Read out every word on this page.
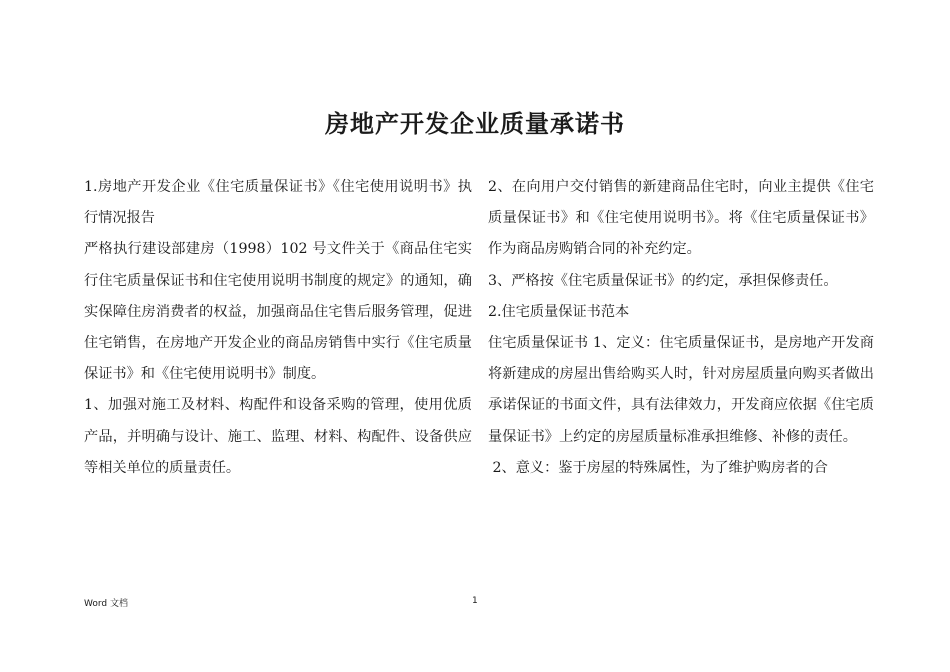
房地产开发企业质量承诺书

1.房地产开发企业《住宅质量保证书》《住宅使用说明书》执行情况报告

严格执行建设部建房（1998）102 号文件关于《商品住宅实行住宅质量保证书和住宅使用说明书制度的规定》的通知，确实保障住房消费者的权益，加强商品住宅售后服务管理，促进住宅销售，在房地产开发企业的商品房销售中实行《住宅质量保证书》和《住宅使用说明书》制度。

1、加强对施工及材料、构配件和设备采购的管理，使用优质产品，并明确与设计、施工、监理、材料、构配件、设备供应等相关单位的质量责任。

2、在向用户交付销售的新建商品住宅时，向业主提供《住宅质量保证书》和《住宅使用说明书》。将《住宅质量保证书》作为商品房购销合同的补充约定。

3、严格按《住宅质量保证书》的约定，承担保修责任。

2.住宅质量保证书范本

住宅质量保证书 1、定义：住宅质量保证书，是房地产开发商将新建成的房屋出售给购买人时，针对房屋质量向购买者做出承诺保证的书面文件，具有法律效力，开发商应依据《住宅质量保证书》上约定的房屋质量标准承担维修、补修的责任。

2、意义：鉴于房屋的特殊属性，为了维护购房者的合

Word 文档	1
